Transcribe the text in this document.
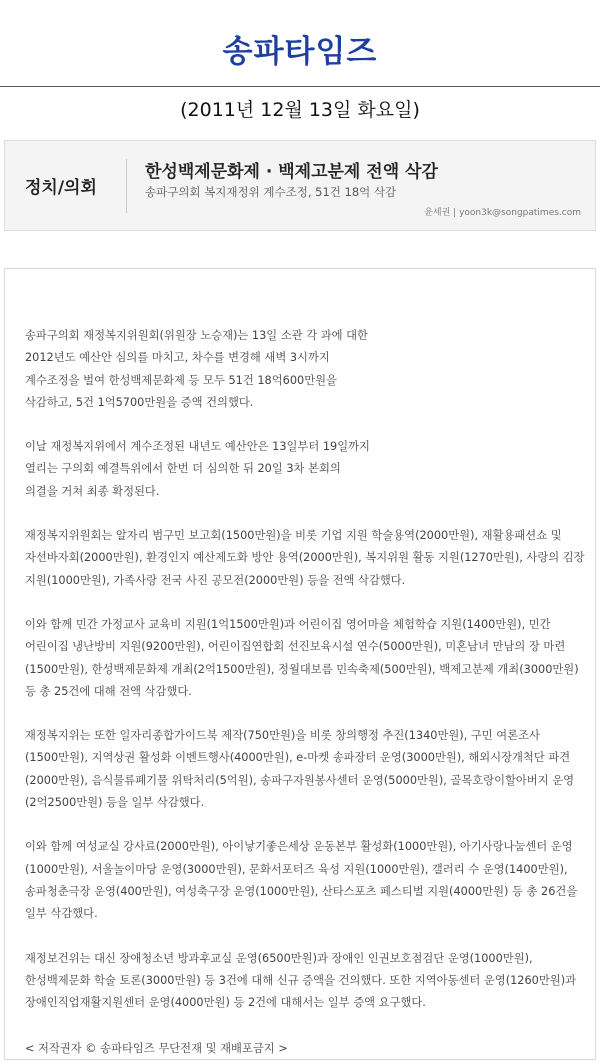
송파타임즈
(2011년 12월 13일 화요일)
정치/의회
한성백제문화제 · 백제고분제 전액 삭감
송파구의회 복지재정위 계수조정, 51건 18억 삭감
윤세권 | yoon3k@songpatimes.com

송파구의회 재정복지위원회(위원장 노승재)는 13일 소관 각 과에 대한 2012년도 예산안 심의를 마치고, 차수를 변경해 새벽 3시까지 계수조정을 벌여 한성백제문화제 등 모두 51건 18억600만원을 삭감하고, 5건 1억5700만원을 증액 건의했다.

이날 재정복지위에서 계수조정된 내년도 예산안은 13일부터 19일까지 열리는 구의회 예결특위에서 한번 더 심의한 뒤 20일 3차 본회의 의결을 거쳐 최종 확정된다.

재정복지위원회는 알자리 범구민 보고회(1500만원)을 비롯 기업 지원 학술용역(2000만원), 재활용패션쇼 및 자선바자회(2000만원), 환경인지 예산제도화 방안 용역(2000만원), 복지위원 활동 지원(1270만원), 사랑의 김장 지원(1000만원), 가족사랑 전국 사진 공모전(2000만원) 등을 전액 삭감했다.

이와 함께 민간 가정교사 교육비 지원(1억1500만원)과 어린이집 영어마을 체험학습 지원(1400만원), 민간 어린이집 냉난방비 지원(9200만원), 어린이집연합회 선진보육시설 연수(5000만원), 미혼남녀 만남의 장 마련(1500만원), 한성백제문화제 개최(2억1500만원), 정월대보름 민속축제(500만원), 백제고분제 개최(3000만원) 등 총 25건에 대해 전액 삭감했다.

재정복지위는 또한 일자리종합가이드북 제작(750만원)을 비롯 창의행정 추진(1340만원), 구민 여론조사(1500만원), 지역상권 활성화 이벤트행사(4000만원), e-마켓 송파장터 운영(3000만원), 해외시장개척단 파견(2000만원), 음식물류폐기물 위탁처리(5억원), 송파구자원봉사센터 운영(5000만원), 골목호랑이할아버지 운영(2억2500만원) 등을 일부 삭감했다.

이와 함께 여성교실 강사료(2000만원), 아이낳기좋은세상 운동본부 활성화(1000만원), 아기사랑나눔센터 운영(1000만원), 서울놀이마당 운영(3000만원), 문화서포터즈 육성 지원(1000만원), 갤러리 수 운영(1400만원), 송파청춘극장 운영(400만원), 여성축구장 운영(1000만원), 산타스포츠 페스티벌 지원(4000만원) 등 총 26건을 일부 삭감했다.

재정보건위는 대신 장애청소년 방과후교실 운영(6500만원)과 장애인 인권보호점검단 운영(1000만원), 한성백제문화 학술 토론(3000만원) 등 3건에 대해 신규 증액을 건의했다. 또한 지역아동센터 운영(1260만원)과 장애인직업재활지원센터 운영(4000만원) 등 2건에 대해서는 일부 증액 요구했다.

< 저작권자 © 송파타임즈 무단전재 및 재배포금지 >
